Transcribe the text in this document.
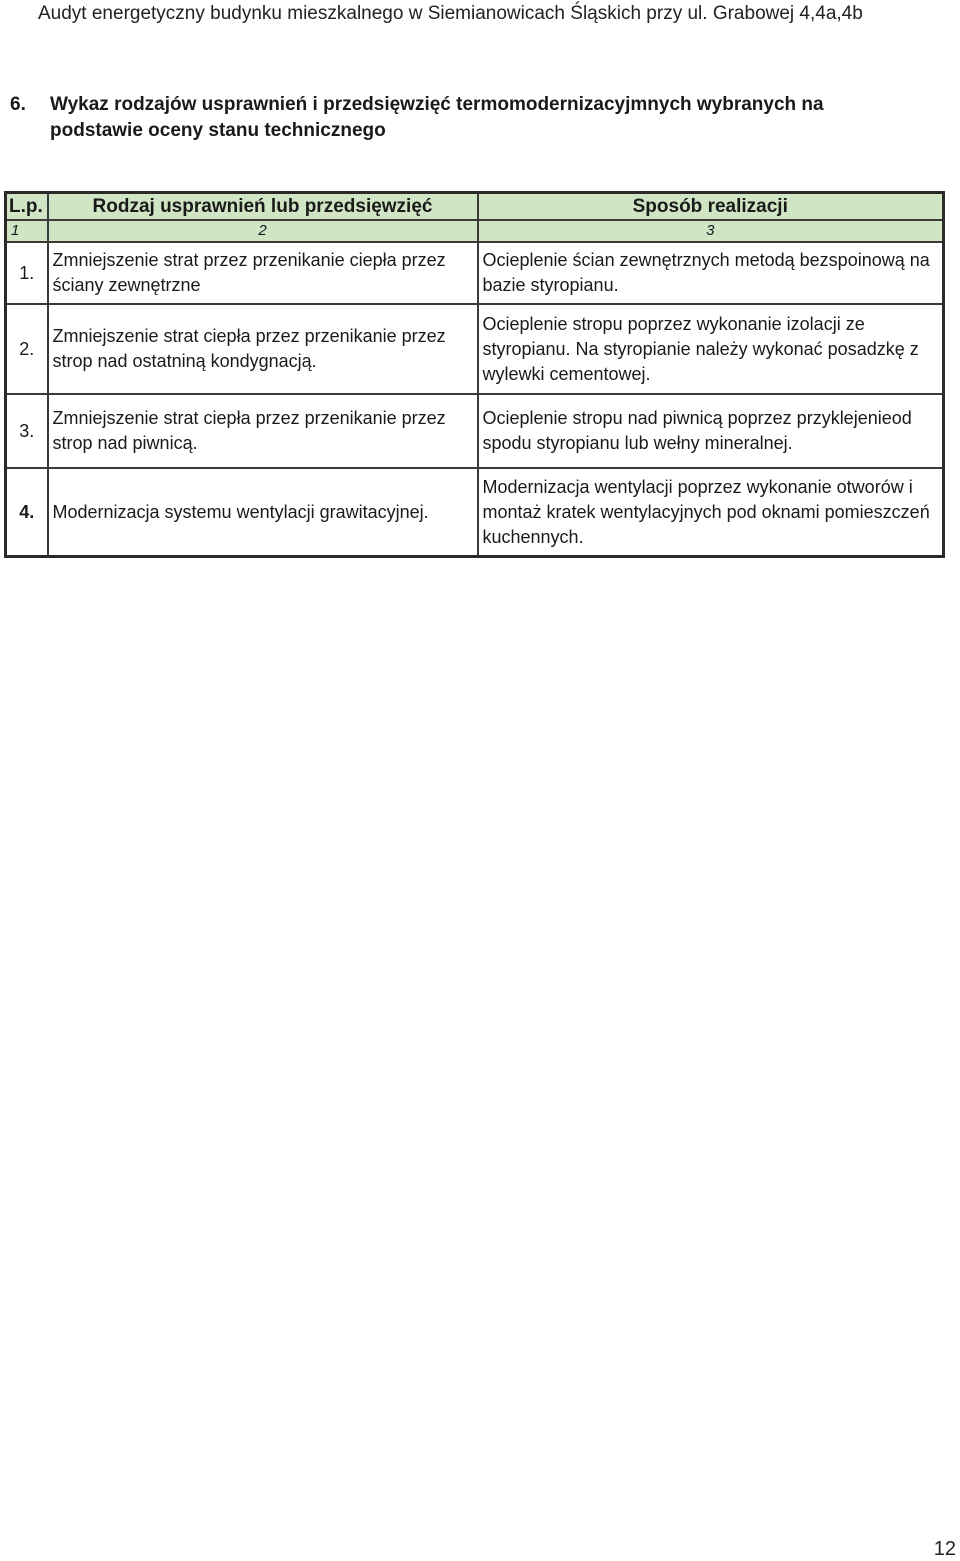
Audyt energetyczny budynku mieszkalnego w Siemianowicach Śląskich przy ul. Grabowej 4,4a,4b
6. Wykaz rodzajów usprawnień i przedsięwzięć termomodernizacyjmnych wybranych na podstawie oceny stanu technicznego
L.p.	Rodzaj usprawnień lub przedsięwzięć	Sposób realizacji
1	2	3
1.	Zmniejszenie strat przez przenikanie ciepła przez ściany zewnętrzne	Ocieplenie ścian zewnętrznych metodą bezspoinową na bazie styropianu.
2.	Zmniejszenie strat ciepła przez przenikanie przez strop nad ostatniną kondygnacją.	Ocieplenie stropu poprzez wykonanie izolacji ze styropianu. Na styropianie należy wykonać posadzkę z wylewki cementowej.
3.	Zmniejszenie strat ciepła przez przenikanie przez strop nad piwnicą.	Ocieplenie stropu nad piwnicą poprzez przyklejenieod spodu styropianu lub wełny mineralnej.
4.	Modernizacja systemu wentylacji grawitacyjnej.	Modernizacja wentylacji poprzez wykonanie otworów i montaż kratek wentylacyjnych pod oknami pomieszczeń kuchennych.
12
